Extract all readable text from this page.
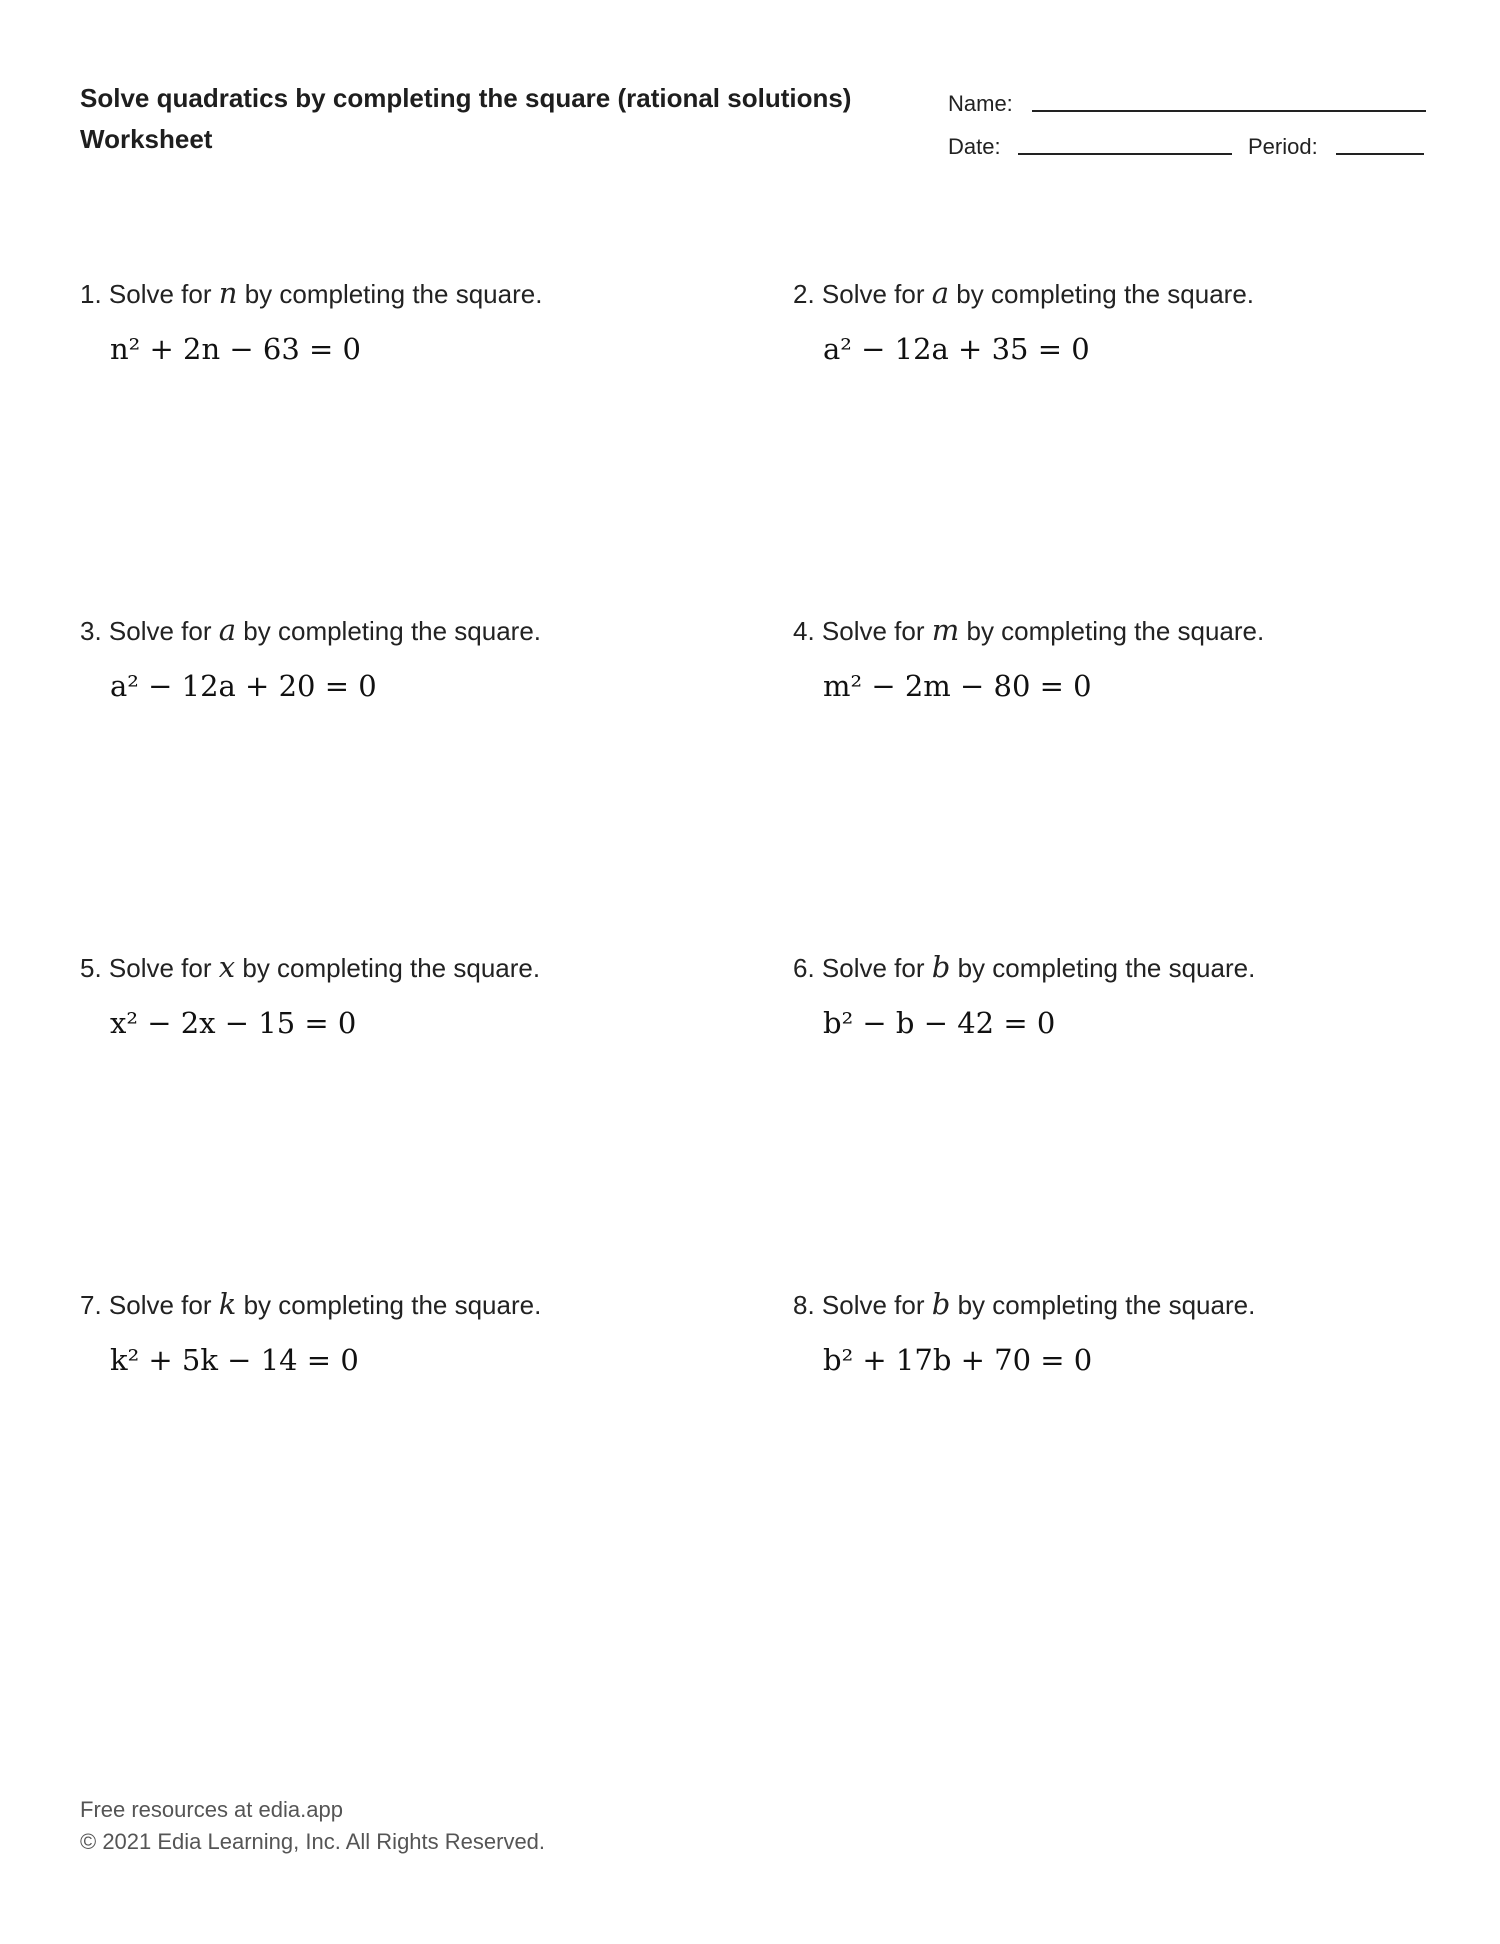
Solve quadratics by completing the square (rational solutions)
Worksheet
Name:
Date:	Period:
1. Solve for n by completing the square.
n² + 2n − 63 = 0
2. Solve for a by completing the square.
a² − 12a + 35 = 0
3. Solve for a by completing the square.
a² − 12a + 20 = 0
4. Solve for m by completing the square.
m² − 2m − 80 = 0
5. Solve for x by completing the square.
x² − 2x − 15 = 0
6. Solve for b by completing the square.
b² − b − 42 = 0
7. Solve for k by completing the square.
k² + 5k − 14 = 0
8. Solve for b by completing the square.
b² + 17b + 70 = 0
Free resources at edia.app
© 2021 Edia Learning, Inc. All Rights Reserved.
